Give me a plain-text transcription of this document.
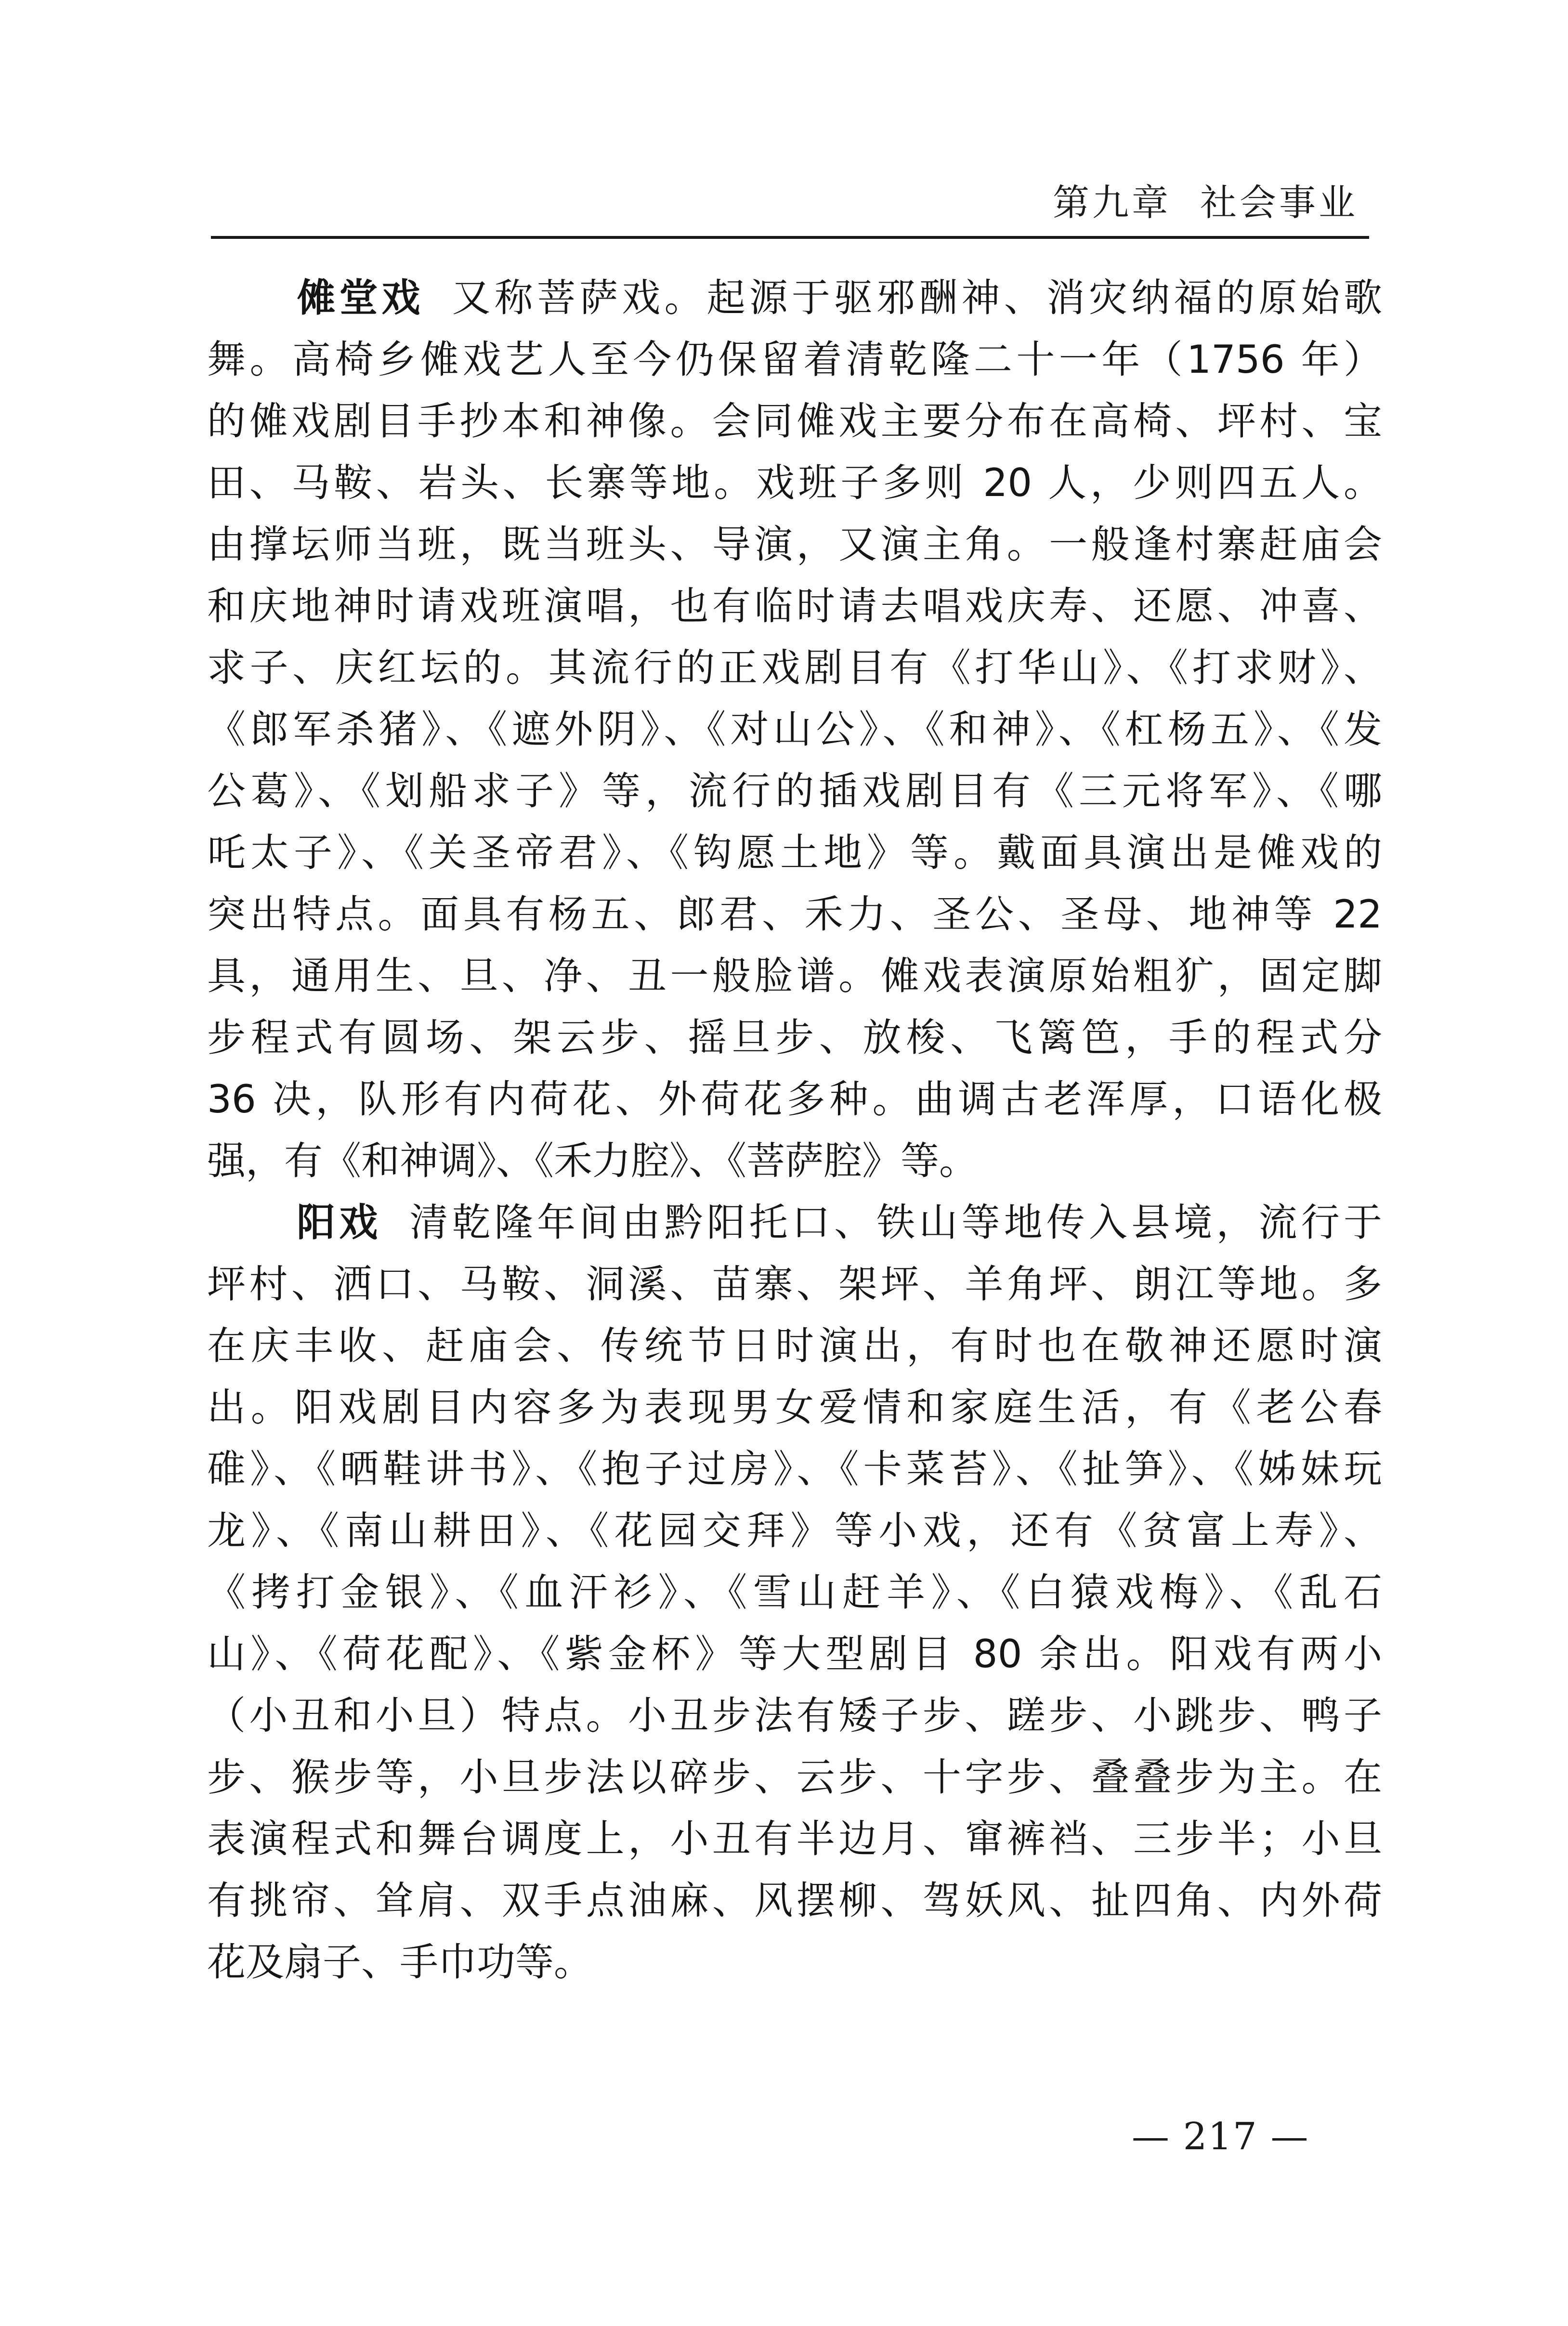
第九章 社会事业
傩堂戏 又称菩萨戏。起源于驱邪酬神、消灾纳福的原始歌
舞。高椅乡傩戏艺人至今仍保留着清乾隆二十一年（1756 年）
的傩戏剧目手抄本和神像。会同傩戏主要分布在高椅、坪村、宝
田、马鞍、岩头、长寨等地。戏班子多则 20 人，少则四五人。
由撑坛师当班，既当班头、导演，又演主角。一般逢村寨赶庙会
和庆地神时请戏班演唱，也有临时请去唱戏庆寿、还愿、冲喜、
求子、庆红坛的。其流行的正戏剧目有《打华山》、《打求财》、
《郎军杀猪》、《遮外阴》、《对山公》、《和神》、《杠杨五》、《发
公葛》、《划船求子》等，流行的插戏剧目有《三元将军》、《哪
吒太子》、《关圣帝君》、《钩愿土地》等。戴面具演出是傩戏的
突出特点。面具有杨五、郎君、禾力、圣公、圣母、地神等 22
具，通用生、旦、净、丑一般脸谱。傩戏表演原始粗犷，固定脚
步程式有圆场、架云步、摇旦步、放梭、飞篱笆，手的程式分
36 决，队形有内荷花、外荷花多种。曲调古老浑厚，口语化极
强，有《和神调》、《禾力腔》、《菩萨腔》等。
阳戏 清乾隆年间由黔阳托口、铁山等地传入县境，流行于
坪村、洒口、马鞍、洞溪、苗寨、架坪、羊角坪、朗江等地。多
在庆丰收、赶庙会、传统节日时演出，有时也在敬神还愿时演
出。阳戏剧目内容多为表现男女爱情和家庭生活，有《老公春
碓》、《晒鞋讲书》、《抱子过房》、《卡菜苔》、《扯笋》、《姊妹玩
龙》、《南山耕田》、《花园交拜》等小戏，还有《贫富上寿》、
《拷打金银》、《血汗衫》、《雪山赶羊》、《白猿戏梅》、《乱石
山》、《荷花配》、《紫金杯》等大型剧目 80 余出。阳戏有两小
（小丑和小旦）特点。小丑步法有矮子步、蹉步、小跳步、鸭子
步、猴步等，小旦步法以碎步、云步、十字步、叠叠步为主。在
表演程式和舞台调度上，小丑有半边月、窜裤裆、三步半；小旦
有挑帘、耸肩、双手点油麻、风摆柳、驾妖风、扯四角、内外荷
花及扇子、手巾功等。
— 217 —
